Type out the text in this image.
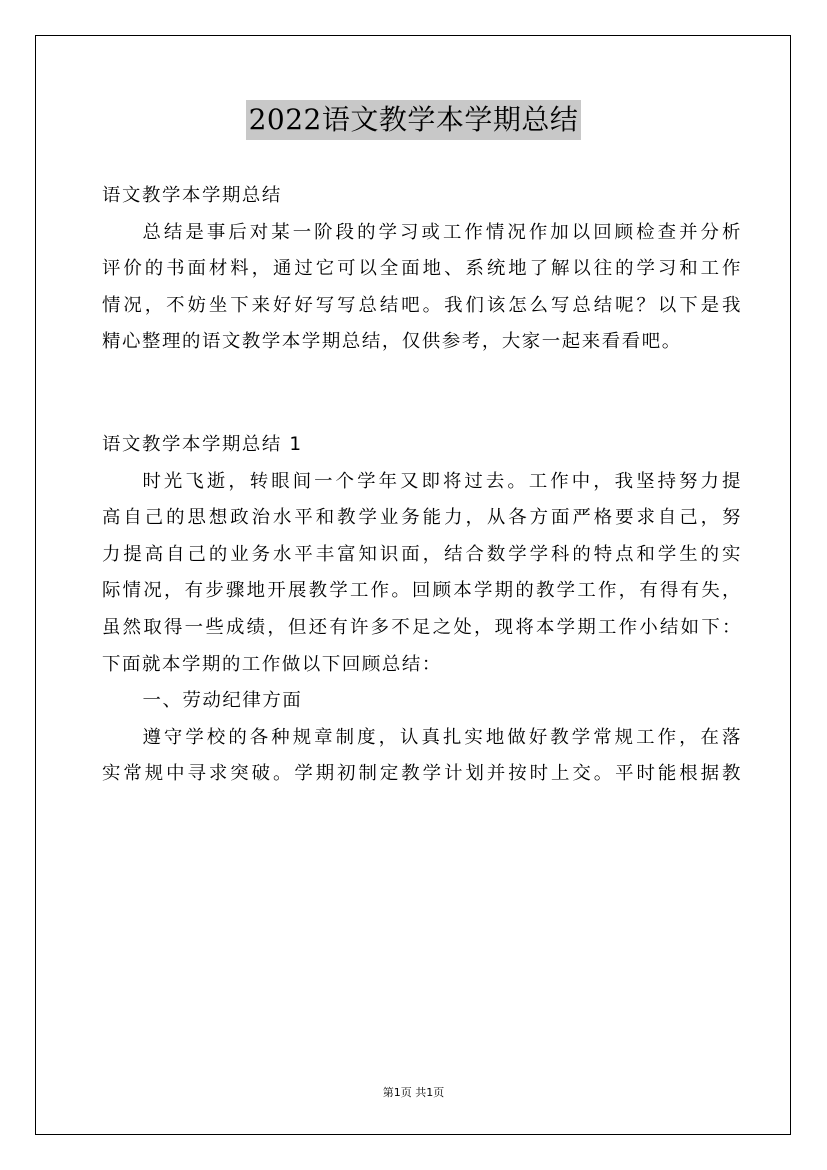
2022语文教学本学期总结

语文教学本学期总结

总结是事后对某一阶段的学习或工作情况作加以回顾检查并分析

评价的书面材料，通过它可以全面地、系统地了解以往的学习和工作

情况，不妨坐下来好好写写总结吧。我们该怎么写总结呢？以下是我

精心整理的语文教学本学期总结，仅供参考，大家一起来看看吧。

语文教学本学期总结 1

时光飞逝，转眼间一个学年又即将过去。工作中，我坚持努力提

高自己的思想政治水平和教学业务能力，从各方面严格要求自己，努

力提高自己的业务水平丰富知识面，结合数学学科的特点和学生的实

际情况，有步骤地开展教学工作。回顾本学期的教学工作，有得有失，

虽然取得一些成绩，但还有许多不足之处，现将本学期工作小结如下：

下面就本学期的工作做以下回顾总结：

一、劳动纪律方面

遵守学校的各种规章制度，认真扎实地做好教学常规工作，在落

实常规中寻求突破。学期初制定教学计划并按时上交。平时能根据教

第1页 共1页
